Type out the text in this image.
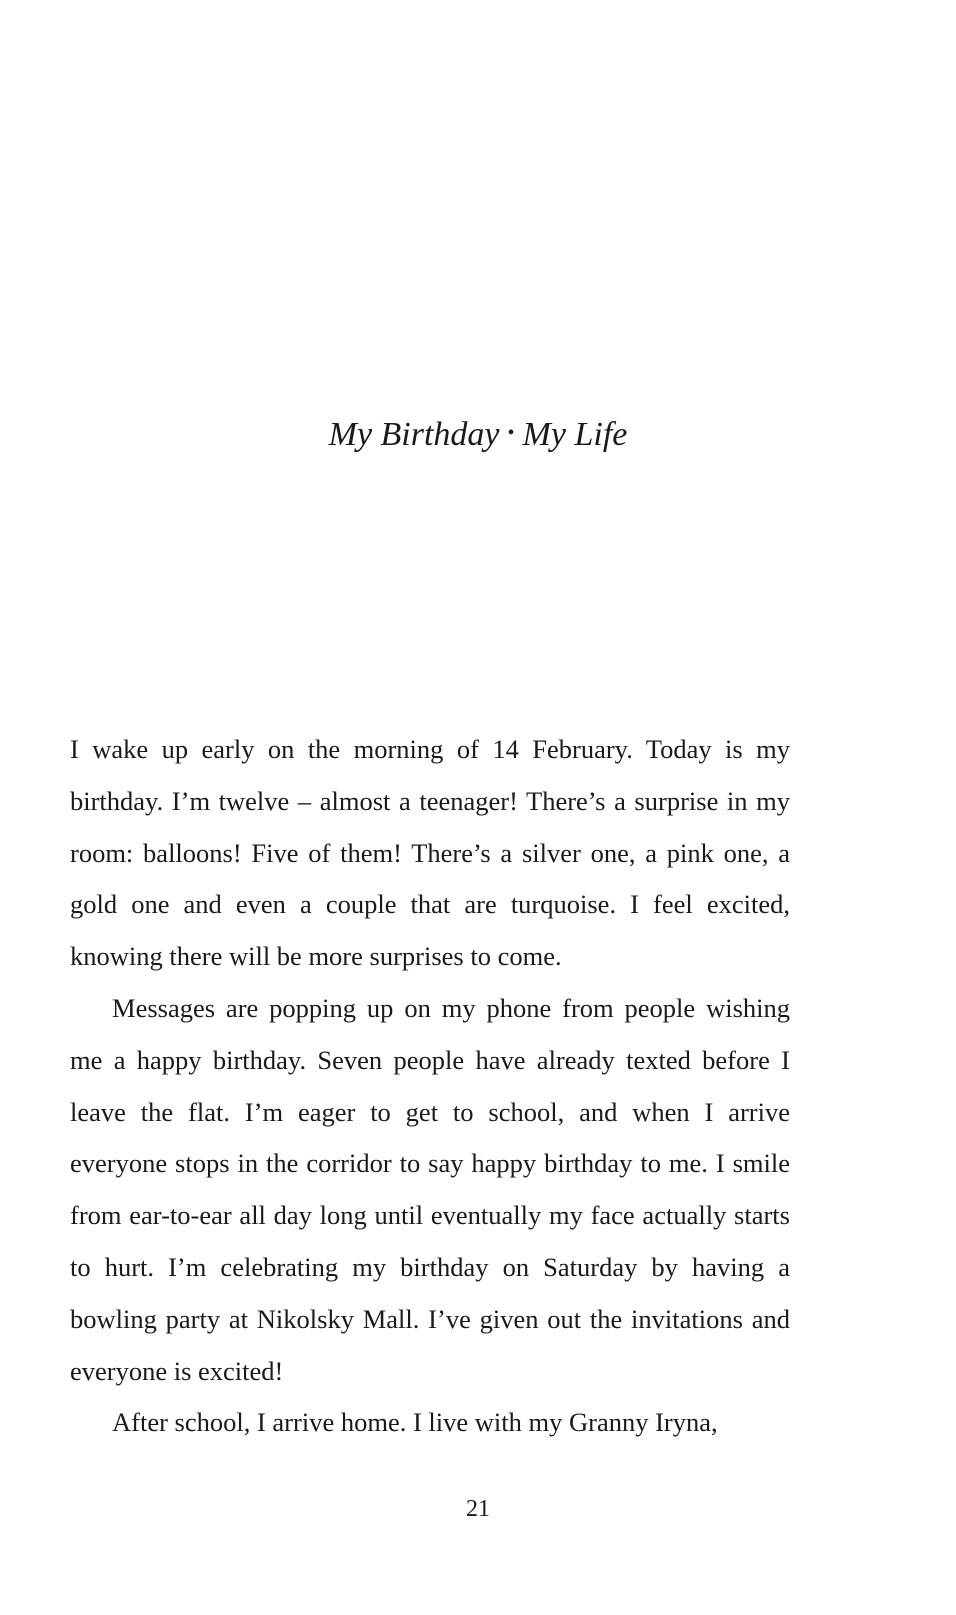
My Birthday • My Life

I wake up early on the morning of 14 February. Today is my birthday. I’m twelve – almost a teenager! There’s a surprise in my room: balloons! Five of them! There’s a silver one, a pink one, a gold one and even a couple that are turquoise. I feel excited, knowing there will be more surprises to come.

Messages are popping up on my phone from people wishing me a happy birthday. Seven people have already texted before I leave the flat. I’m eager to get to school, and when I arrive everyone stops in the corridor to say happy birthday to me. I smile from ear-to-ear all day long until eventually my face actually starts to hurt. I’m celebrating my birthday on Saturday by having a bowling party at Nikolsky Mall. I’ve given out the invitations and everyone is excited!

After school, I arrive home. I live with my Granny Iryna,

21
